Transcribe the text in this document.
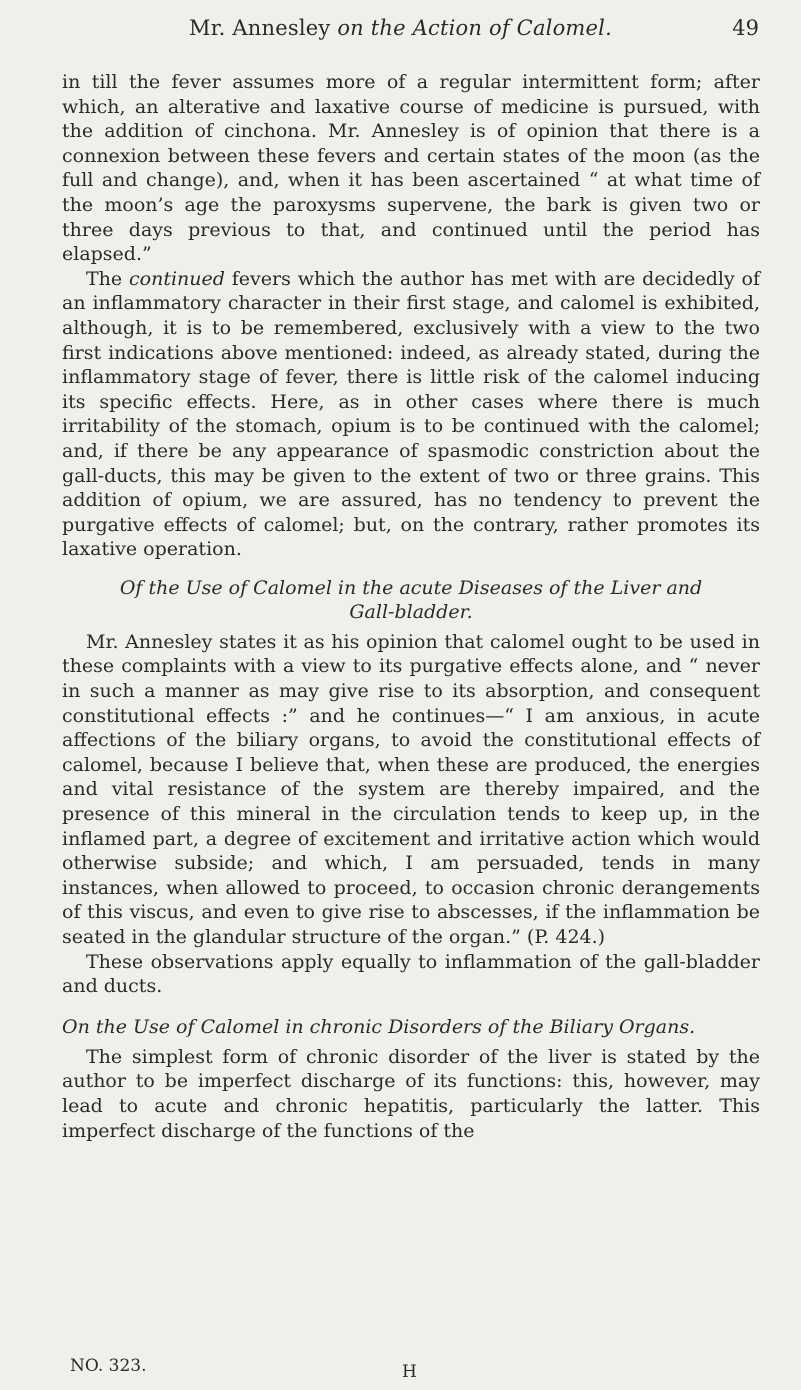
Mr. Annesley on the Action of Calomel.	49

in till the fever assumes more of a regular intermittent form; after which, an alterative and laxative course of medicine is pursued, with the addition of cinchona. Mr. Annesley is of opinion that there is a connexion between these fevers and certain states of the moon (as the full and change), and, when it has been ascertained “ at what time of the moon’s age the paroxysms supervene, the bark is given two or three days previous to that, and continued until the period has elapsed.”

The continued fevers which the author has met with are decidedly of an inflammatory character in their first stage, and calomel is exhibited, although, it is to be remembered, exclusively with a view to the two first indications above mentioned: indeed, as already stated, during the inflammatory stage of fever, there is little risk of the calomel inducing its specific effects. Here, as in other cases where there is much irritability of the stomach, opium is to be continued with the calomel; and, if there be any appearance of spasmodic constriction about the gall-ducts, this may be given to the extent of two or three grains. This addition of opium, we are assured, has no tendency to prevent the purgative effects of calomel; but, on the contrary, rather promotes its laxative operation.

Of the Use of Calomel in the acute Diseases of the Liver and
Gall-bladder.

Mr. Annesley states it as his opinion that calomel ought to be used in these complaints with a view to its purgative effects alone, and “ never in such a manner as may give rise to its absorption, and consequent constitutional effects :” and he continues—“ I am anxious, in acute affections of the biliary organs, to avoid the constitutional effects of calomel, because I believe that, when these are produced, the energies and vital resistance of the system are thereby impaired, and the presence of this mineral in the circulation tends to keep up, in the inflamed part, a degree of excitement and irritative action which would otherwise subside; and which, I am persuaded, tends in many instances, when allowed to proceed, to occasion chronic derangements of this viscus, and even to give rise to abscesses, if the inflammation be seated in the glandular structure of the organ.” (P. 424.)

These observations apply equally to inflammation of the gall-bladder and ducts.

On the Use of Calomel in chronic Disorders of the Biliary Organs.

The simplest form of chronic disorder of the liver is stated by the author to be imperfect discharge of its functions: this, however, may lead to acute and chronic hepatitis, particularly the latter. This imperfect discharge of the functions of the

NO. 323.	H
